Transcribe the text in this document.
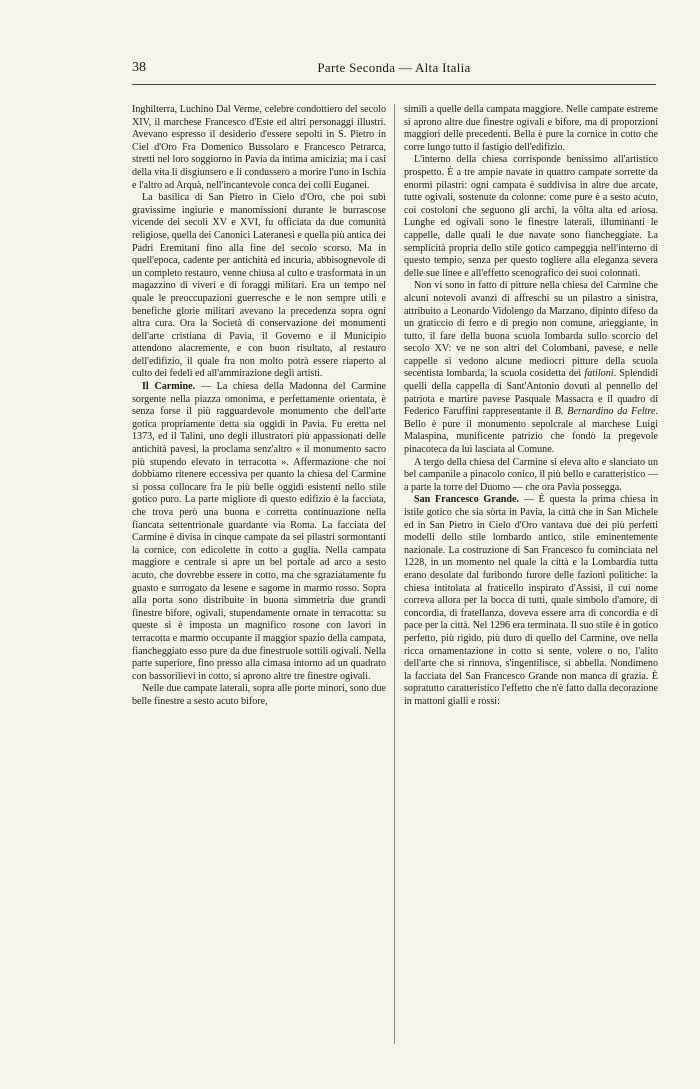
38	Parte Seconda — Alta Italia

Inghilterra, Luchino Dal Verme, celebre condottiero del secolo XIV, il marchese Francesco d'Este ed altri personaggi illustri. Avevano espresso il desiderio d'essere sepolti in S. Pietro in Ciel d'Oro Fra Domenico Bussolaro e Francesco Petrarca, stretti nel loro soggiorno in Pavia da intima amicizia; ma i casi della vita li disgiunsero e li condussero a morire l'uno in Ischia e l'altro ad Arquà, nell'incantevole conca dei colli Euganei.

La basilica di San Pietro in Cielo d'Oro, che poi subì gravissime ingiurie e manomissioni durante le burrascose vicende dei secoli XV e XVI, fu officiata da due comunità religiose, quella dei Canonici Lateranesi e quella più antica dei Padri Eremitani fino alla fine del secolo scorso. Ma in quell'epoca, cadente per antichità ed incuria, abbisognevole di un completo restauro, venne chiusa al culto e trasformata in un magazzino di viveri e di foraggi militari. Era un tempo nel quale le preoccupazioni guerresche e le non sempre utili e benefiche glorie militari avevano la precedenza sopra ogni altra cura. Ora la Società di conservazione dei monumenti dell'arte cristiana di Pavia, il Governo e il Municipio attendono alacremente, e con buon risultato, al restauro dell'edifizio, il quale fra non molto potrà essere riaperto al culto dei fedeli ed all'ammirazione degli artisti.

Il Carmine. — La chiesa della Madonna del Carmine sorgente nella piazza omonima, e perfettamente orientata, è senza forse il più ragguardevole monumento che dell'arte gotica propriamente detta sia oggidì in Pavia. Fu eretta nel 1373, ed il Talini, uno degli illustratori più appassionati delle antichità pavesi, la proclama senz'altro « il monumento sacro più stupendo elevato in terracotta ». Affermazione che noi dobbiamo ritenere eccessiva per quanto la chiesa del Carmine si possa collocare fra le più belle oggidì esistenti nello stile gotico puro. La parte migliore di questo edifizio è la facciata, che trova però una buona e corretta continuazione nella fiancata settentrionale guardante via Roma. La facciata del Carmine è divisa in cinque campate da sei pilastri sormontanti la cornice, con edicolette in cotto a guglia. Nella campata maggiore e centrale si apre un bel portale ad arco a sesto acuto, che dovrebbe essere in cotto, ma che sgraziatamente fu guasto e surrogato da lesene e sagome in marmo rosso. Sopra alla porta sono distribuite in buona simmetria due grandi finestre bifore, ogivali, stupendamente ornate in terracotta: su queste si è imposta un magnifico rosone con lavori in terracotta e marmo occupante il maggior spazio della campata, fiancheggiato esso pure da due finestruole sottili ogivali. Nella parte superiore, fino presso alla cimasa intorno ad un quadrato con bassorilievi in cotto, si aprono altre tre finestre ogivali.

Nelle due campate laterali, sopra alle porte minori, sono due belle finestre a sesto acuto bifore,

simili a quelle della campata maggiore. Nelle campate estreme si aprono altre due finestre ogivali e bifore, ma di proporzioni maggiori delle precedenti. Bella è pure la cornice in cotto che corre lungo tutto il fastigio dell'edifizio.

L'interno della chiesa corrisponde benissimo all'artistico prospetto. È a tre ampie navate in quattro campate sorrette da enormi pilastri: ogni campata è suddivisa in altre due arcate, tutte ogivali, sostenute da colonne: come pure è a sesto acuto, coi costoloni che seguono gli archi, la vôlta alta ed ariosa. Lunghe ed ogivali sono le finestre laterali, illuminanti le cappelle, dalle quali le due navate sono fiancheggiate. La semplicità propria dello stile gotico campeggia nell'interno di questo tempio, senza per questo togliere alla eleganza severa delle sue linee e all'effetto scenografico dei suoi colonnati.

Non vi sono in fatto di pitture nella chiesa del Carmine che alcuni notevoli avanzi di affreschi su un pilastro a sinistra, attribuito a Leonardo Vidolengo da Marzano, dipinto difeso da un graticcio di ferro e di pregio non comune, arieggiante, in tutto, il fare della buona scuola lombarda sullo scorcio del secolo XV: ve ne son altri del Colombani, pavese, e nelle cappelle si vedono alcune mediocri pitture della scuola secentista lombarda, la scuola cosidetta dei fatiloni. Splendidi quelli della cappella di Sant'Antonio dovuti al pennello del patriota e martire pavese Pasquale Massacra e il quadro di Federico Faruffini rappresentante il B. Bernardino da Feltre. Bello è pure il monumento sepolcrale al marchese Luigi Malaspina, munificente patrizio che fondò la pregevole pinacoteca da lui lasciata al Comune.

A tergo della chiesa del Carmine si eleva alto e slanciato un bel campanile a pinacolo conico, il più bello e caratteristico — a parte la torre del Duomo — che ora Pavia possegga.

San Francesco Grande. — È questa la prima chiesa in istile gotico che sia sòrta in Pavia, la città che in San Michele ed in San Pietro in Cielo d'Oro vantava due dei più perfetti modelli dello stile lombardo antico, stile eminentemente nazionale. La costruzione di San Francesco fu cominciata nel 1228, in un momento nel quale la città e la Lombardia tutta erano desolate dal furibondo furore delle fazioni politiche: la chiesa intitolata al fraticello inspirato d'Assisi, il cui nome correva allora per la bocca di tutti, quale simbolo d'amore, di concordia, di fratellanza, doveva essere arra di concordia e di pace per la città. Nel 1296 era terminata. Il suo stile è in gotico perfetto, più rigido, più duro di quello del Carmine, ove nella ricca ornamentazione in cotto si sente, volere o no, l'alito dell'arte che si rinnova, s'ingentilisce, si abbella. Nondimeno la facciata del San Francesco Grande non manca di grazia. È sopratutto caratteristico l'effetto che n'è fatto dalla decorazione in mattoni gialli e rossi:
